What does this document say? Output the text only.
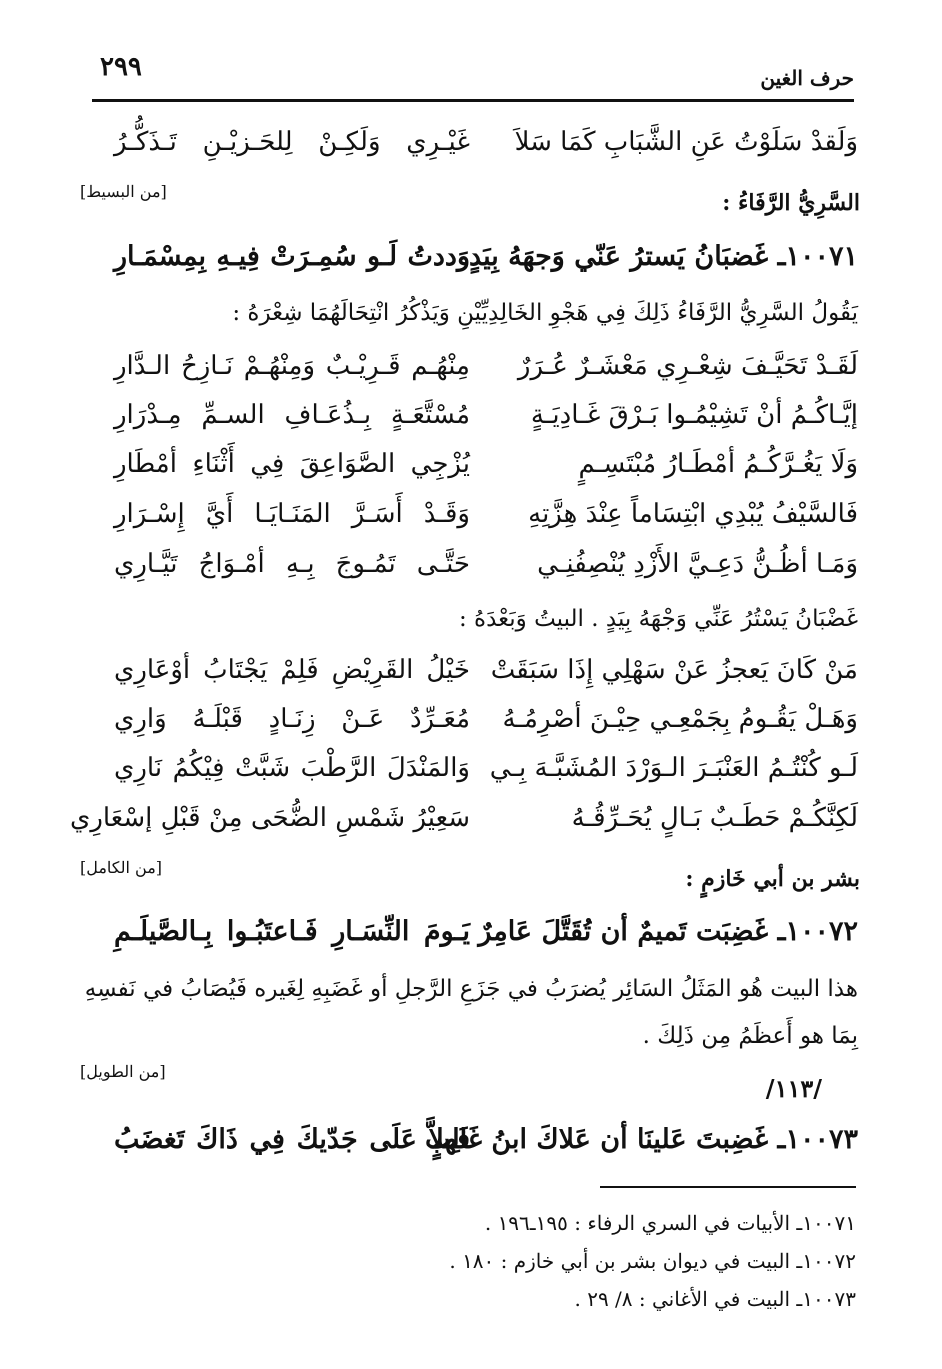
٢٩٩	حرف الغين
وَلَقدْ سَلَوْتُ عَنِ الشَّبَابِ كَمَا سَلاَ
غَيْـرِي وَلَكِـنْ لِلحَـزيْـنِ تَـذَكُّـرُ
السَّرِيُّ الرَّفَاءُ :
[من البسيط]
١٠٠٧١ـ غَضبَانُ يَسترُ عَنّي وَجهَهُ بِيَدٍ
وَددتُ لَـو سُمِـرَتْ فِيـهِ بِمِسْمَـارِ
يَقُولُ السَّرِيُّ الرَّفَاءُ ذَلِكَ فِي هَجْوِ الخَالِدِيِّيْنِ وَيَذْكُرُ انْتِحَالَهُمَا شِعْرَهُ :
لَقَـدْ تَحَيَّـفَ شِعْـرِي مَعْشَـرٌ عُـرَرٌ
مِنْهُـم قَـرِيْـبٌ وَمِنْهُـمْ نَـازِحُ الـدَّارِ
إيَّـاكُـمُ أنْ تَشِيْمُـوا بَـرْقَ غَـادِيَـةٍ
مُسْتَّعَـةٍ بِـذُعَـافِ السـمِّ مِـدْرَارِ
وَلَا يَغُـرَّكُـمُ أمْطَـارُ مُبْتَسِـمٍ
يُزْجِي الصَّوَاعِقَ فِي أَثْنَاءِ أمْطَارِ
فَالسَّيْفُ يُبْدِي ابْتِسَاماً عِنْدَ هِزَّتِهِ
وَقَـدْ أَسَـرَّ المَنَـايَـا أَيَّ إِسْـرَارِ
وَمَـا أظُـنُّ دَعِـيَّ الأَزْدِ يُنْصِفُنِـي
حَتَّـى تَمُـوجَ بِـهِ أمْـوَاجُ تَيَّـارِي
غَضْبَانُ يَسْتُرُ عَنِّي وَجْهَهُ بِيَدٍ . البيتُ وَبَعْدَهُ :
مَنْ كَانَ يَعجزُ عَنْ سَهْلِي إِذَا سَبَقَتْ
خَيْلُ القَرِيْضِ فَلِمْ يَجْتَابُ أوْعَارِي
وَهَـلْ يَقُـومُ بِجَمْعِـي حِيْـنَ أصْرِمُـهُ
مُعَـرِّدٌ عَـنْ زِنَـادٍ قَبْلَـهُ وَارِي
لَـو كُنْتُـمُ العَنْبَـرَ الـوَرْدَ المُشَبَّـهَ بِـي
وَالمَنْدَلَ الرَّطْبَ شَبَّتْ فِيْكُمُ نَارِي
لَكِنَّكُـمْ حَطَـبٌ بَـالٍ يُحَـرِّقُـهُ
سَعِيْرُ شَمْسِ الضُّحَى مِنْ قَبْلِ إسْعَارِي
بشر بن أبي خَازمٍ :
[من الكامل]
١٠٠٧٢ـ غَضِبَت تَميمٌ أن تُقَتَّلَ عَامِرٌ
يَـومَ النِّسَـارِ فَـاعتَبُـوا بِـالصَّيلَـمِ
هذا البيت هُو المَثَلُ السَائِر يُضرَبُ في جَزَعِ الرَّجلِ أو غَضَبِهِ لِغَيره فَيُصَابُ في نَفسِهِ بِمَا هو أَعظَمُ مِن ذَلِكَ .
/١١٣/
[من الطويل]
١٠٠٧٣ـ غَضِبتَ عَلينَا أن عَلاكَ ابنُ غَالِبٍ
فَهلاَّ عَلَى جَدّيكَ فِي ذَاكَ تَغضَبُ
١٠٠٧١ـ الأبيات في السري الرفاء : ١٩٥ـ١٩٦ .
١٠٠٧٢ـ البيت في ديوان بشر بن أبي خازم : ١٨٠ .
١٠٠٧٣ـ البيت في الأغاني : ٨/ ٢٩ .
